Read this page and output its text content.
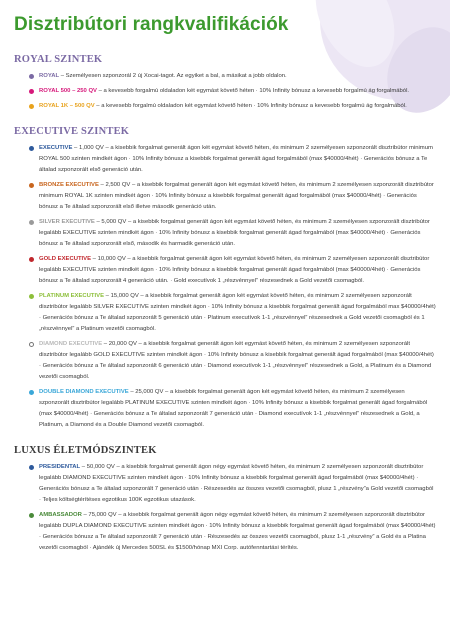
Disztribútori rangkvalifikációk
ROYAL SZINTEK
ROYAL – Személyesen szponzorál 2 új Xocai-tagot. Az egyiket a bal, a másikat a jobb oldalon.
ROYAL 500 – 250 QV – a kevesebb forgalmú oldaladon két egymást követő héten · 10% Infinity bónusz a kevesebb forgalmú ág forgalmából.
ROYAL 1K – 500 QV – a kevesebb forgalmú oldaladon két egymást követő héten · 10% Infinity bónusz a kevesebb forgalmú ág forgalmából.
EXECUTIVE SZINTEK
EXECUTIVE – 1,000 QV – a kisebbik forgalmat generált ágon két egymást követő héten, és minimum 2 személyesen szponzorált disztribútor minimum ROYAL 500 szinten mindkét ágon · 10% Infinity bónusz a kisebbik forgalmat generált ágad forgalmából (max $40000/4hét) · Generációs bónusz a Te általad szponzorált első generáció után.
BRONZE EXECUTIVE – 2,500 QV – a kisebbik forgalmat generált ágon két egymást követő héten, és minimum 2 személyesen szponzorált disztribútor minimum ROYAL 1K szinten mindkét ágon · 10% Infinity bónusz a kisebbik forgalmat generált ágad forgalmából (max $40000/4hét) · Generációs bónusz a Te általad szponzorált első illetve második generáció után.
SILVER EXECUTIVE – 5,000 QV – a kisebbik forgalmat generált ágon két egymást követő héten, és minimum 2 személyesen szponzorált disztribútor legalább EXECUTIVE szinten mindkét ágon · 10% Infinity bónusz a kisebbik forgalmat generált ágad forgalmából (max $40000/4hét) · Generációs bónusz a Te általad szponzorált első, második és harmadik generáció után.
GOLD EXECUTIVE – 10,000 QV – a kisebbik forgalmat generált ágon két egymást követő héten, és minimum 2 személyesen szponzorált disztribútor legalább EXECUTIVE szinten mindkét ágon · 10% Infinity bónusz a kisebbik forgalmat generált ágad forgalmából (max $40000/4hét) · Generációs bónusz a Te általad szponzorált 4 generáció után. · Gold executívok 1 „részvénnyel” részesednek a Gold vezetői csomagból.
PLATINUM EXECUTIVE – 15,000 QV – a kisebbik forgalmat generált ágon két egymást követő héten, és minimum 2 személyesen szponzorált disztribútor legalább SILVER EXECUTIVE szinten mindkét ágon · 10% Infinity bónusz a kisebbik forgalmat generált ágad forgalmából max $40000/4hét) · Generációs bónusz a Te általad szponzorált 5 generáció után · Platinum executívok 1-1 „részvénnyel” részesednek a Gold vezetői csomagból és 1 „részvénnyel” a Platinum vezetői csomagból.
DIAMOND EXECUTIVE – 20,000 QV – a kisebbik forgalmat generált ágon két egymást követő héten, és minimum 2 személyesen szponzorált disztribútor legalább GOLD EXECUTIVE szinten mindkét ágon · 10% Infinity bónusz a kisebbik forgalmat generált ágad forgalmából (max $40000/4hét) · Generációs bónusz a Te általad szponzorált 6 generáció után · Diamond executívok 1-1 „részvénnyel” részesednek a Gold, a Platinum és a Diamond vezetői csomagból.
DOUBLE DIAMOND EXECUTIVE – 25,000 QV – a kisebbik forgalmat generált ágon két egymást követő héten, és minimum 2 személyesen szponzorált disztribútor legalább PLATINUM EXECUTIVE szinten mindkét ágon · 10% Infinity bónusz a kisebbik forgalmat generált ágad forgalmából (max $40000/4hét) · Generációs bónusz a Te általad szponzorált 7 generáció után · Diamond executívok 1-1 „részvénnyel” részesednek a Gold, a Platinum, a Diamond és a Double Diamond vezetői csomagból.
LUXUS ÉLETMÓDSZINTEK
PRESIDENTAL – 50,000 QV – a kisebbik forgalmat generált ágon négy egymást követő héten, és minimum 2 személyesen szponzorált disztribútor legalább DIAMOND EXECUTIVE szinten mindkét ágon · 10% Infinity bónusz a kisebbik forgalmat generált ágad forgalmából (max $40000/4hét) · Generációs bónusz a Te általad szponzorált 7 generáció után · Részesedés az összes vezetői csomagból, plusz 1 „részvény”a Gold vezetői csomagból · Teljes költségtérítéses egzotikus 100K egzotikus utazások.
AMBASSADOR – 75,000 QV – a kisebbik forgalmat generált ágon négy egymást követő héten, és minimum 2 személyesen szponzorált disztribútor legalább DUPLA DIAMOND EXECUTIVE szinten mindkét ágon · 10% Infinity bónusz a kisebbik forgalmat generált ágad forgalmából (max $40000/4hét) · Generációs bónusz a Te általad szponzorált 7 generáció után · Részesedés az összes vezetői csomagból, plusz 1-1 „részvény” a Gold és a Platina vezetői csomagból · Ajándék új Mercedes 500SL és $1500/hónap MXI Corp. autófenntartási térítés.
